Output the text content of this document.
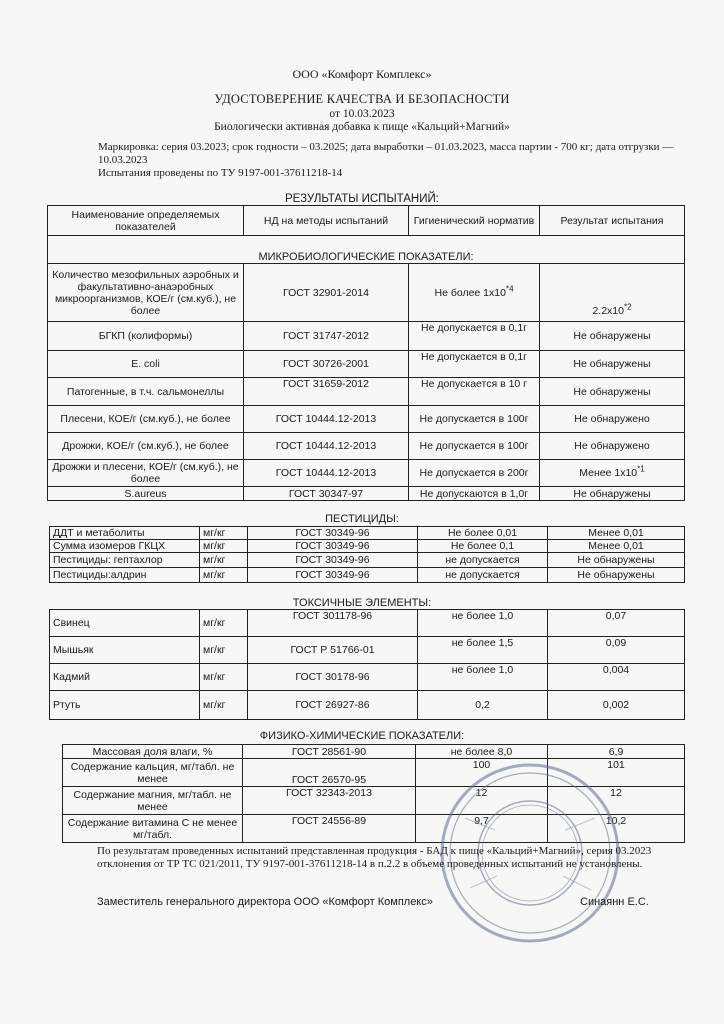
ООО «Комфорт Комплекс»
УДОСТОВЕРЕНИЕ КАЧЕСТВА И БЕЗОПАСНОСТИ
от 10.03.2023
Биологически активная добавка к пище «Кальций+Магний»
Маркировка: серия 03.2023; срок годности – 03.2025; дата выработки – 01.03.2023, масса партии - 700 кг; дата отгрузки — 10.03.2023
Испытания проведены по ТУ 9197-001-37611218-14
РЕЗУЛЬТАТЫ ИСПЫТАНИЙ:
Наименование определяемых показателей	НД на методы испытаний	Гигиенический норматив	Результат испытания
МИКРОБИОЛОГИЧЕСКИЕ ПОКАЗАТЕЛИ:			
Количество мезофильных аэробных и факультативно-анаэробных микроорганизмов, КОЕ/г (см.куб.), не более	ГОСТ 32901-2014	Не более 1х10$^{*4}$	2.2х10$^{*2}$
БГКП (колиформы)	ГОСТ 31747-2012	Не допускается в 0,1г	Не обнаружены
E. coli	ГОСТ 30726-2001	Не допускается в 0,1г	Не обнаружены
Патогенные, в т.ч. сальмонеллы	ГОСТ 31659-2012	Не допускается в 10 г	Не обнаружены
Плесени, КОЕ/г (см.куб.), не более	ГОСТ 10444.12-2013	Не допускается в 100г	Не обнаружено
Дрожжи, КОЕ/г (см.куб.), не более	ГОСТ 10444.12-2013	Не допускается в 100г	Не обнаружено
Дрожжи и плесени, КОЕ/г (см.куб.), не более	ГОСТ 10444.12-2013	Не допускается в 200г	Менее 1х10$^{*1}$
S.aureus	ГОСТ 30347-97	Не допускаются в 1,0г	Не обнаружены
ПЕСТИЦИДЫ:
ДДТ и метаболиты	мг/кг	ГОСТ 30349-96	Не более 0,01	Менее 0,01
Сумма изомеров ГКЦХ	мг/кг	ГОСТ 30349-96	Не более 0,1	Менее 0,01
Пестициды: гептахлор	мг/кг	ГОСТ 30349-96	не допускается	Не обнаружены
Пестициды:алдрин	мг/кг	ГОСТ 30349-96	не допускается	Не обнаружены
ТОКСИЧНЫЕ ЭЛЕМЕНТЫ:
Свинец	мг/кг	ГОСТ 301178-96	не более 1,0	0,07
Мышьяк	мг/кг	ГОСТ Р 51766-01	не более 1,5	0,09
Кадмий	мг/кг	ГОСТ 30178-96	не более 1,0	0,004
Ртуть	мг/кг	ГОСТ 26927-86	0,2	0,002
ФИЗИКО-ХИМИЧЕСКИЕ ПОКАЗАТЕЛИ:
Массовая доля влаги, %	ГОСТ 28561-90	не более 8,0	6,9
Содержание кальция, мг/табл. не менее	ГОСТ 26570-95	100	101
Содержание магния, мг/табл. не менее	ГОСТ 32343-2013	12	12
Содержание витамина С не менее мг/табл.	ГОСТ 24556-89	9,7	10,2
По результатам проведенных испытаний представленная продукция - БАД к пище «Кальций+Магний», серия 03.2023 отклонения от ТР ТС 021/2011, ТУ 9197-001-37611218-14 в п.2.2 в объеме проведенных испытаний не установлены.
Заместитель генерального директора ООО «Комфорт Комплекс»	Синаянн Е.С.
